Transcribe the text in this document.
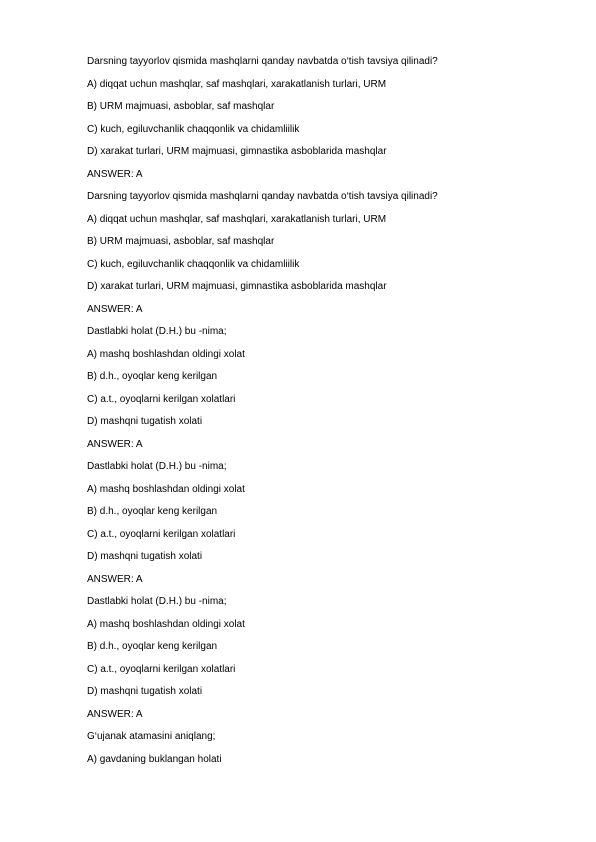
Darsning tayyorlov qismida mashqlarni qanday navbatda o‘tish tavsiya qilinadi?
A) diqqat uchun mashqlar, saf mashqlari, xarakatlanish turlari, URM
B) URM majmuasi, asboblar, saf mashqlar
C) kuch, egiluvchanlik chaqqonlik va chidamliilik
D) xarakat turlari, URM majmuasi, gimnastika asboblarida mashqlar
ANSWER: A
Darsning tayyorlov qismida mashqlarni qanday navbatda o‘tish tavsiya qilinadi?
A) diqqat uchun mashqlar, saf mashqlari, xarakatlanish turlari, URM
B) URM majmuasi, asboblar, saf mashqlar
C) kuch, egiluvchanlik chaqqonlik va chidamliilik
D) xarakat turlari, URM majmuasi, gimnastika asboblarida mashqlar
ANSWER: A
Dastlabki holat (D.H.) bu -nima;
A) mashq boshlashdan oldingi xolat
B) d.h., oyoqlar keng kerilgan
C) a.t., oyoqlarni kerilgan xolatlari
D) mashqni tugatish xolati
ANSWER: A
Dastlabki holat (D.H.) bu -nima;
A) mashq boshlashdan oldingi xolat
B) d.h., oyoqlar keng kerilgan
C) a.t., oyoqlarni kerilgan xolatlari
D) mashqni tugatish xolati
ANSWER: A
Dastlabki holat (D.H.) bu -nima;
A) mashq boshlashdan oldingi xolat
B) d.h., oyoqlar keng kerilgan
C) a.t., oyoqlarni kerilgan xolatlari
D) mashqni tugatish xolati
ANSWER: A
G‘ujanak atamasini aniqlang;
A) gavdaning buklangan holati
